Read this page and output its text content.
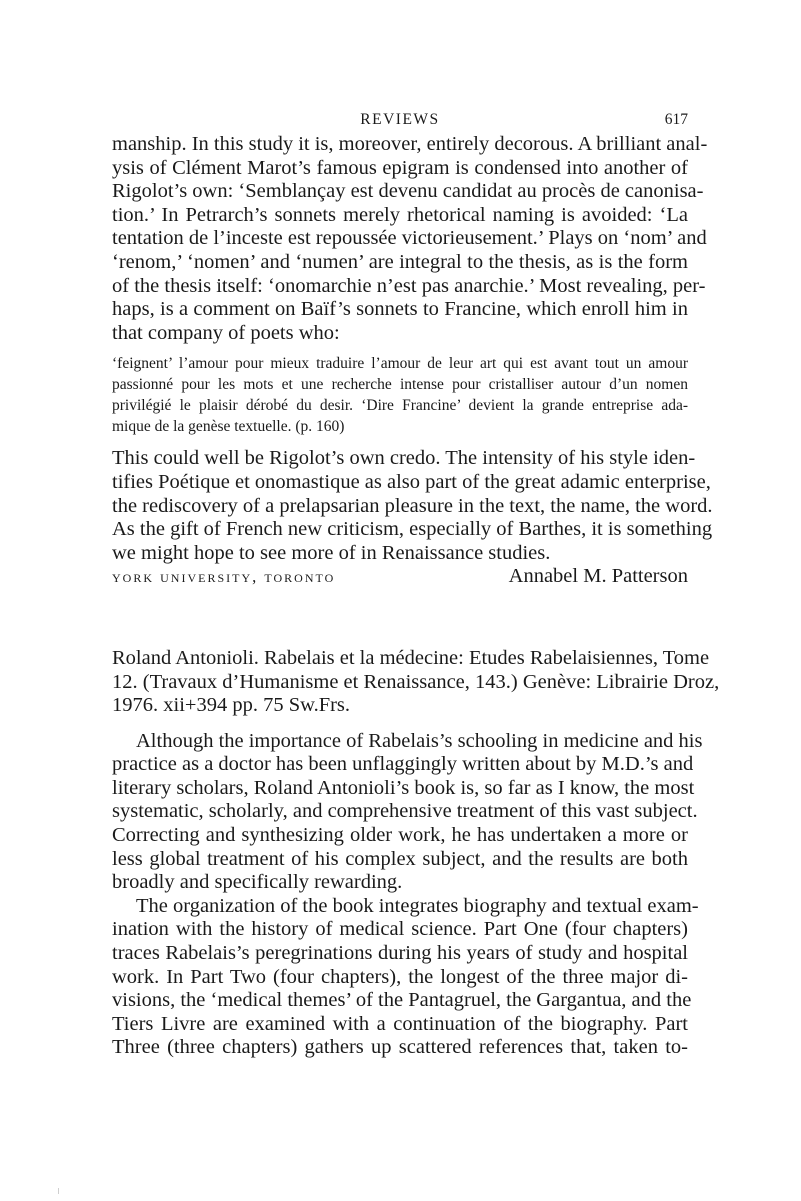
REVIEWS	617
manship. In this study it is, moreover, entirely decorous. A brilliant anal-
ysis of Clément Marot’s famous epigram is condensed into another of
Rigolot’s own: ‘Semblançay est devenu candidat au procès de canonisa-
tion.’ In Petrarch’s sonnets merely rhetorical naming is avoided: ‘La
tentation de l’inceste est repoussée victorieusement.’ Plays on ‘nom’ and
‘renom,’ ‘nomen’ and ‘numen’ are integral to the thesis, as is the form
of the thesis itself: ‘onomarchie n’est pas anarchie.’ Most revealing, per-
haps, is a comment on Baïf’s sonnets to Francine, which enroll him in
that company of poets who:
‘feignent’ l’amour pour mieux traduire l’amour de leur art qui est avant tout un amour
passionné pour les mots et une recherche intense pour cristalliser autour d’un nomen
privilégié le plaisir dérobé du desir. ‘Dire Francine’ devient la grande entreprise ada-
mique de la genèse textuelle. (p. 160)
This could well be Rigolot’s own credo. The intensity of his style iden-
tifies Poétique et onomastique as also part of the great adamic enterprise,
the rediscovery of a prelapsarian pleasure in the text, the name, the word.
As the gift of French new criticism, especially of Barthes, it is something
we might hope to see more of in Renaissance studies.
york university, toronto	Annabel M. Patterson
Roland Antonioli. Rabelais et la médecine: Etudes Rabelaisiennes, Tome
12. (Travaux d’Humanisme et Renaissance, 143.) Genève: Librairie Droz,
1976. xii+394 pp. 75 Sw.Frs.
Although the importance of Rabelais’s schooling in medicine and his
practice as a doctor has been unflaggingly written about by M.D.’s and
literary scholars, Roland Antonioli’s book is, so far as I know, the most
systematic, scholarly, and comprehensive treatment of this vast subject.
Correcting and synthesizing older work, he has undertaken a more or
less global treatment of his complex subject, and the results are both
broadly and specifically rewarding.
The organization of the book integrates biography and textual exam-
ination with the history of medical science. Part One (four chapters)
traces Rabelais’s peregrinations during his years of study and hospital
work. In Part Two (four chapters), the longest of the three major di-
visions, the ‘medical themes’ of the Pantagruel, the Gargantua, and the
Tiers Livre are examined with a continuation of the biography. Part
Three (three chapters) gathers up scattered references that, taken to-
